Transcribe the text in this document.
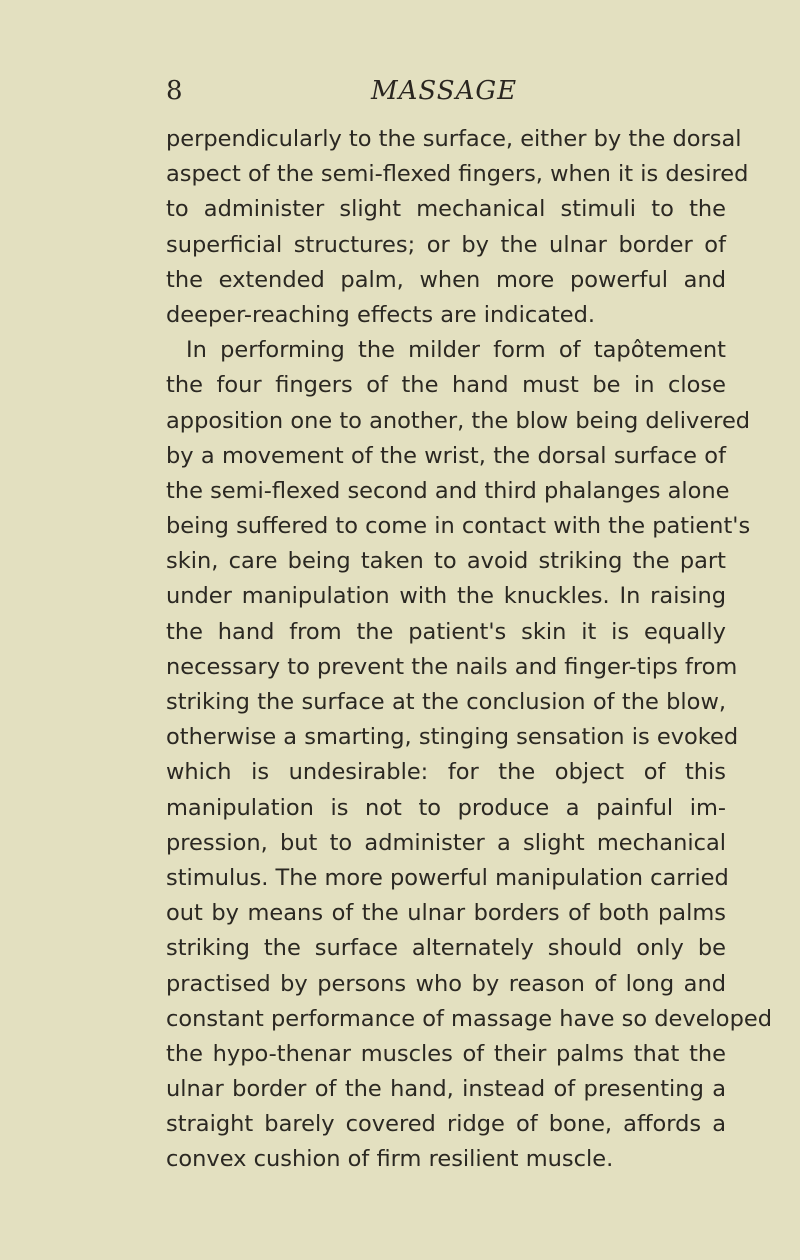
8	MASSAGE
perpendicularly to the surface, either by the dorsal
aspect of the semi-flexed fingers, when it is desired
to administer slight mechanical stimuli to the
superficial structures; or by the ulnar border of
the extended palm, when more powerful and
deeper-reaching effects are indicated.
In performing the milder form of tapôtement
the four fingers of the hand must be in close
apposition one to another, the blow being delivered
by a movement of the wrist, the dorsal surface of
the semi-flexed second and third phalanges alone
being suffered to come in contact with the patient's
skin, care being taken to avoid striking the part
under manipulation with the knuckles. In raising
the hand from the patient's skin it is equally
necessary to prevent the nails and finger-tips from
striking the surface at the conclusion of the blow,
otherwise a smarting, stinging sensation is evoked
which is undesirable: for the object of this
manipulation is not to produce a painful im-
pression, but to administer a slight mechanical
stimulus. The more powerful manipulation carried
out by means of the ulnar borders of both palms
striking the surface alternately should only be
practised by persons who by reason of long and
constant performance of massage have so developed
the hypo-thenar muscles of their palms that the
ulnar border of the hand, instead of presenting a
straight barely covered ridge of bone, affords a
convex cushion of firm resilient muscle.
